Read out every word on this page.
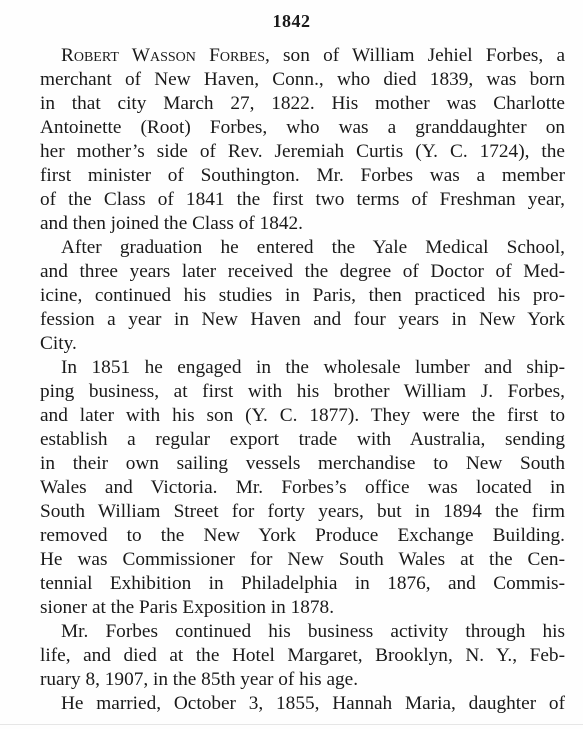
1842
Robert Wasson Forbes, son of William Jehiel Forbes, a
merchant of New Haven, Conn., who died 1839, was born
in that city March 27, 1822. His mother was Charlotte
Antoinette (Root) Forbes, who was a granddaughter on
her mother’s side of Rev. Jeremiah Curtis (Y. C. 1724), the
first minister of Southington. Mr. Forbes was a member
of the Class of 1841 the first two terms of Freshman year,
and then joined the Class of 1842.
After graduation he entered the Yale Medical School,
and three years later received the degree of Doctor of Med-
icine, continued his studies in Paris, then practiced his pro-
fession a year in New Haven and four years in New York
City.
In 1851 he engaged in the wholesale lumber and ship-
ping business, at first with his brother William J. Forbes,
and later with his son (Y. C. 1877). They were the first to
establish a regular export trade with Australia, sending
in their own sailing vessels merchandise to New South
Wales and Victoria. Mr. Forbes’s office was located in
South William Street for forty years, but in 1894 the firm
removed to the New York Produce Exchange Building.
He was Commissioner for New South Wales at the Cen-
tennial Exhibition in Philadelphia in 1876, and Commis-
sioner at the Paris Exposition in 1878.
Mr. Forbes continued his business activity through his
life, and died at the Hotel Margaret, Brooklyn, N. Y., Feb-
ruary 8, 1907, in the 85th year of his age.
He married, October 3, 1855, Hannah Maria, daughter of
